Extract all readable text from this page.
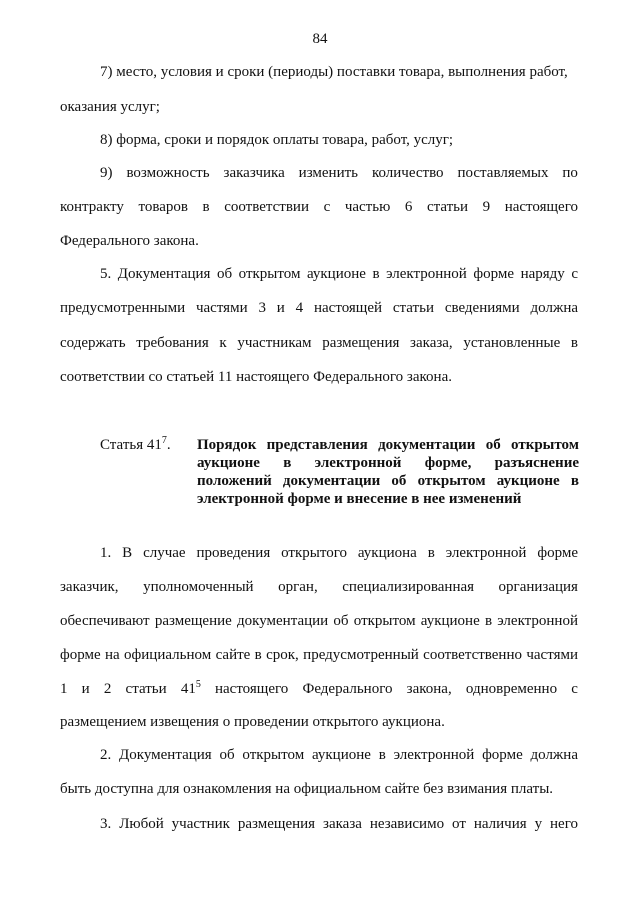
84
7) место, условия и сроки (периоды) поставки товара, выполнения работ,
оказания услуг;
8) форма, сроки и порядок оплаты товара, работ, услуг;
9) возможность заказчика изменить количество поставляемых по
контракту товаров в соответствии с частью 6 статьи 9 настоящего
Федерального закона.
5. Документация об открытом аукционе в электронной форме наряду с
предусмотренными частями 3 и 4 настоящей статьи сведениями должна
содержать требования к участникам размещения заказа, установленные в
соответствии со статьей 11 настоящего Федерального закона.
Статья $41^7$. Порядок представления документации об открытом
аукционе в электронной форме, разъяснение
положений документации об открытом аукционе в
электронной форме и внесение в нее изменений
1. В случае проведения открытого аукциона в электронной форме
заказчик, уполномоченный орган, специализированная организация
обеспечивают размещение документации об открытом аукционе в электронной
форме на официальном сайте в срок, предусмотренный соответственно частями
1 и 2 статьи $41^5$ настоящего Федерального закона, одновременно с
размещением извещения о проведении открытого аукциона.
2. Документация об открытом аукционе в электронной форме должна
быть доступна для ознакомления на официальном сайте без взимания платы.
3. Любой участник размещения заказа независимо от наличия у него
